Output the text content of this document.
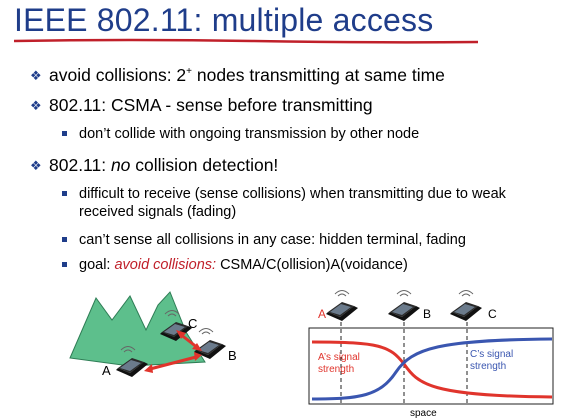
IEEE 802.11: multiple access
❖ avoid collisions: 2+ nodes transmitting at same time
❖ 802.11: CSMA - sense before transmitting
don’t collide with ongoing transmission by other node
❖ 802.11: no collision detection!
difficult to receive (sense collisions) when transmitting due to weak received signals (fading)
can’t sense all collisions in any case: hidden terminal, fading
goal: avoid collisions: CSMA/C(ollision)A(voidance)
A
B
C
A	B	C
A’s signal
strength
C’s signal
strength
space
